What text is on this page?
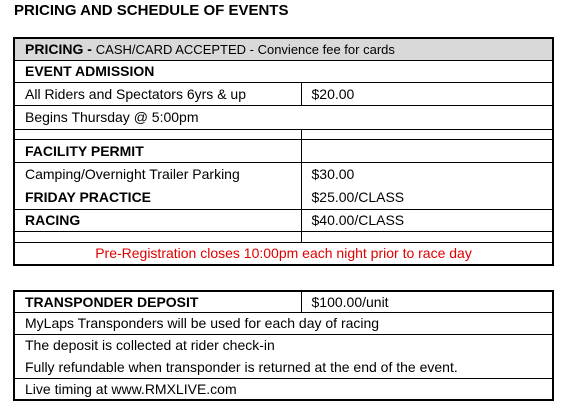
PRICING AND SCHEDULE OF EVENTS
PRICING - CASH/CARD ACCEPTED - Convience fee for cards	
EVENT ADMISSION	
All Riders and Spectators 6yrs & up	$20.00
Begins Thursday @ 5:00pm	

FACILITY PERMIT	
Camping/Overnight Trailer Parking	$30.00
FRIDAY PRACTICE	$25.00/CLASS
RACING	$40.00/CLASS

Pre-Registration closes 10:00pm each night prior to race day	
TRANSPONDER DEPOSIT	$100.00/unit
MyLaps Transponders will be used for each day of racing
The deposit is collected at rider check-in
Fully refundable when transponder is returned at the end of the event.
Live timing at www.RMXLIVE.com
